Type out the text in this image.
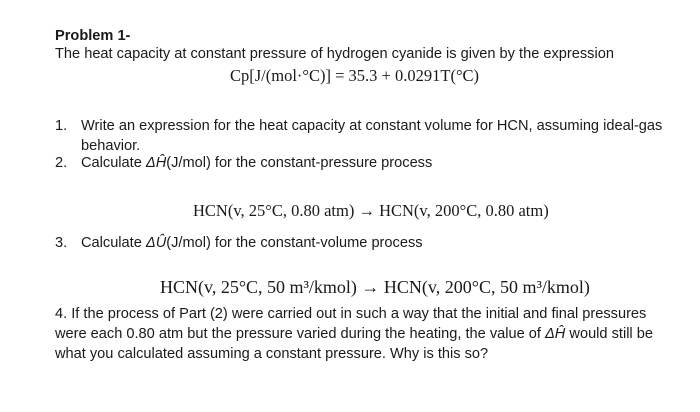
Problem 1-
The heat capacity at constant pressure of hydrogen cyanide is given by the expression
Cp[J/(mol·°C)] = 35.3 + 0.0291T(°C)
1. Write an expression for the heat capacity at constant volume for HCN, assuming ideal-gas behavior.
2. Calculate ΔĤ(J/mol) for the constant-pressure process
HCN(v, 25°C, 0.80 atm) → HCN(v, 200°C, 0.80 atm)
3. Calculate ΔÛ(J/mol) for the constant-volume process
HCN(v, 25°C, 50 m³/kmol) → HCN(v, 200°C, 50 m³/kmol)
4. If the process of Part (2) were carried out in such a way that the initial and final pressures were each 0.80 atm but the pressure varied during the heating, the value of ΔĤ would still be what you calculated assuming a constant pressure. Why is this so?
